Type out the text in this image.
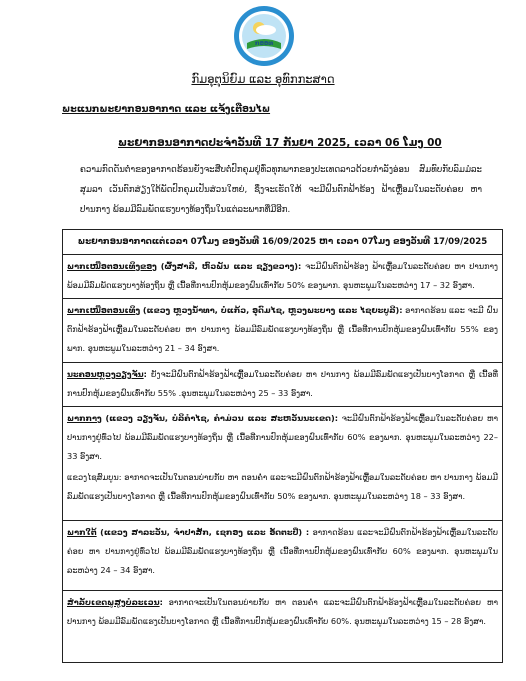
ກອອທ
ກົມອຸຕຸນິຍົມ ແລະ ອຸທົກກະສາດ
ພະແນກພະຍາກອນອາກາດ ແລະ ແຈ້ງເຕືອນໄພ
ພະຍາກອນອາກາດປະຈໍາວັນທີ 17 ກັນຍາ 2025, ເວລາ 06 ໂມງ 00
ຄວາມກົດດັນຕໍ່າຂອງອາກາດຮ້ອນຍັງຈະສືບຕໍ່ປົກຄຸມຢູ່ທົ່ວທຸກພາກຂອງປະເທດລາວດ້ວຍກໍາລັງອ່ອນ ສົມທົບກັບລົມມໍລະສຸມລາ ເວັນຕົກສ່ຽງໃຕ້ພັດປົກຄຸມເປັນສ່ວນໃຫຍ່, ຊຶ່ງຈະເຮັດໃຫ້ ຈະມີຝົນຕົກຟ້າຮ້ອງ ຟ້າເຫຼື້ອມໃນລະດັບຄ່ອຍ ຫາ ປານກາງ ພ້ອມມີລົມພັດແຮງບາງທ້ອງຖິ່ນໃນແຕ່ລະພາກທີ່ມີອີກ.
ພະຍາກອນອາກາດແຕ່ເວລາ 07ໂມງ ຂອງວັນທີ 16/09/2025 ຫາ ເວລາ 07ໂມງ ຂອງວັນທີ 17/09/2025
ພາກເໜືອຕອນເທິງຂອງ (ຜົ້ງສາລີ, ຫົວພັນ ແລະ ຊຽງຂວາງ): ຈະມີຝົນຕົກຟ້າຮ້ອງ ຟ້າເຫຼື້ອມໃນລະດັບຄ່ອຍ ຫາ ປານກາງ ພ້ອມມີລົມພັດແຮງບາງທ້ອງຖິ່ນ ຫຼື ເນື້ອທີ່ການປົກຫຸ້ມຂອງຝົນເທົ່າກັບ 50% ຂອງພາກ. ອຸນຫະພູມໃນລະຫວ່າງ 17 – 32 ອົງສາ.
ພາກເໜືອຕອນເທິງ (ແຂວງ ຫຼວງນໍ້າທາ, ບໍ່ແກ້ວ, ອຸດົມໄຊ, ຫຼວງພະບາງ ແລະ ໄຊຍະບູລີ): ອາກາດຮ້ອນ ແລະ ຈະມີ ຝົນຕົກຟ້າຮ້ອງຟ້າເຫຼື້ອມໃນລະດັບຄ່ອຍ ຫາ ປານກາງ ພ້ອມມີລົມພັດແຮງບາງທ້ອງຖິ່ນ ຫຼື ເນື້ອທີ່ການປົກຫຸ້ມຂອງຝົນເທົ່າກັບ 55% ຂອງພາກ. ອຸນຫະພູມໃນລະຫວ່າງ 21 – 34 ອົງສາ.
ນະຄອນຫຼວງວຽງຈັນ: ຍັງຈະມີຝົນຕົກຟ້າຮ້ອງຟ້າເຫຼື້ອມໃນລະດັບຄ່ອຍ ຫາ ປານກາງ ພ້ອມມີລົມພັດແຮງເປັນບາງໂອກາດ ຫຼື ເນື້ອທີ່ການປົກຫຸ້ມຂອງຝົນເທົ່າກັບ 55% .ອຸນຫະພູມໃນລະຫວ່າງ 25 – 33 ອົງສາ.
ພາກກາງ (ແຂວງ ວຽງຈັນ, ບໍລິຄໍາໄຊ, ຄໍາມ່ວນ ແລະ ສະຫວັນນະເຂດ): ຈະມີຝົນຕົກຟ້າຮ້ອງຟ້າເຫຼື້ອມໃນລະດັບຄ່ອຍ ຫາ ປານກາງຢູ່ທົ່ວໄປ ພ້ອມມີລົມພັດແຮງບາງທ້ອງຖິ່ນ ຫຼື ເນື້ອທີ່ການປົກຫຸ້ມຂອງຝົນເທົ່າກັບ 60% ຂອງພາກ. ອຸນຫະພູມໃນລະຫວ່າງ 22– 33 ອົງສາ.
ແຂວງໄຊສົມບູນ: ອາກາດຈະເປັນໃນຕອນບ່າຍກັບ ຫາ ຕອນຄໍ່າ ແລະຈະມີຝົນຕົກຟ້າຮ້ອງຟ້າເຫຼື້ອມໃນລະດັບຄ່ອຍ ຫາ ປານກາງ ພ້ອມມີລົມພັດແຮງເປັນບາງໂອກາດ ຫຼື ເນື້ອທີ່ການປົກຫຸ້ມຂອງຝົນເທົ່າກັບ 50% ຂອງພາກ. ອຸນຫະພູມໃນລະຫວ່າງ 18 – 33 ອົງສາ.
ພາກໃຕ້ (ແຂວງ ສາລະວັນ, ຈໍາປາສັກ, ເຊກອງ ແລະ ອັດຕະປື) : ອາກາດຮ້ອນ ແລະຈະມີຝົນຕົກຟ້າຮ້ອງຟ້າເຫຼື້ອມໃນລະດັບຄ່ອຍ ຫາ ປານກາງຢູ່ທົ່ວໄປ ພ້ອມມີລົມພັດແຮງບາງທ້ອງຖິ່ນ ຫຼື ເນື້ອທີ່ການປົກຫຸ້ມຂອງຝົນເທົ່າກັບ 60% ຂອງພາກ. ອຸນຫະພູມໃນລະຫວ່າງ 24 – 34 ອົງສາ.
ສໍາລັບເຂດພູສູງບໍລະເວນ: ອາກາດຈະເປັນໃນຕອນບ່າຍກັບ ຫາ ຕອນຄໍ່າ ແລະຈະມີຝົນຕົກຟ້າຮ້ອງຟ້າເຫຼື້ອມໃນລະດັບຄ່ອຍ ຫາ ປານກາງ ພ້ອມມີລົມພັດແຮງເປັນບາງໂອກາດ ຫຼື ເນື້ອທີ່ການປົກຫຸ້ມຂອງຝົນເທົ່າກັບ 60%. ອຸນຫະພູມໃນລະຫວ່າງ 15 – 28 ອົງສາ.
